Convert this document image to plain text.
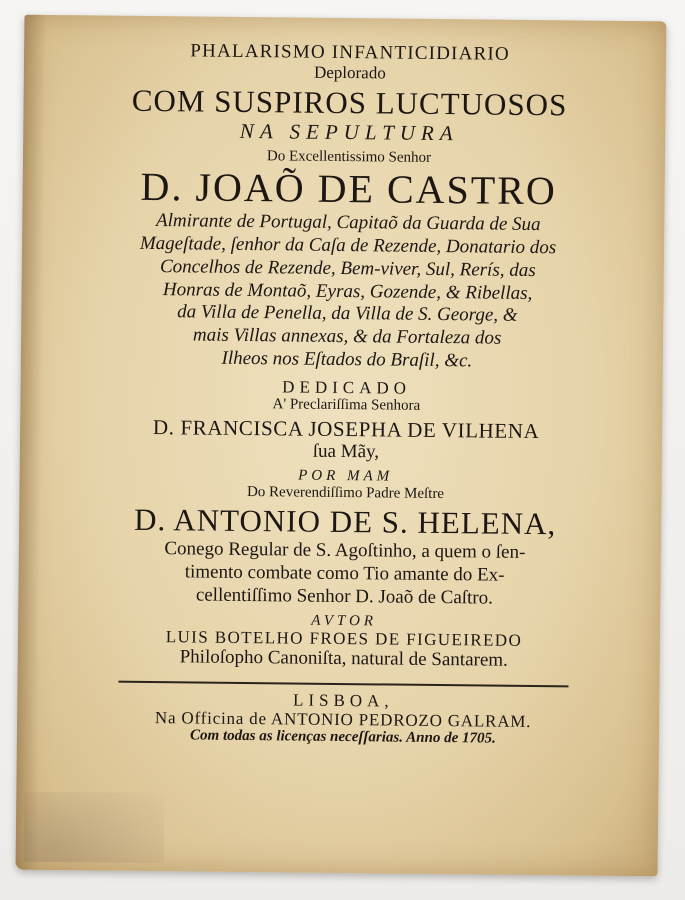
PHALARISMO INFANTICIDIARIO
Deplorado
COM SUSPIROS LUCTUOSOS
NA SEPULTURA
Do Excellentissimo Senhor
D. JOAÕ DE CASTRO
Almirante de Portugal, Capitaõ da Guarda de Sua
Mageſtade, ſenhor da Caſa de Rezende, Donatario dos
Concelhos de Rezende, Bem-viver, Sul, Rerís, das
Honras de Montaõ, Eyras, Gozende, & Ribellas,
da Villa de Penella, da Villa de S. George, &
mais Villas annexas, & da Fortaleza dos
Ilheos nos Eſtados do Braſil, &c.
DEDICADO
A' Preclariſſima Senhora
D. FRANCISCA JOSEPHA DE VILHENA
ſua Mãy,
POR MAM
Do Reverendiſſimo Padre Meſtre
D. ANTONIO DE S. HELENA,
Conego Regular de S. Agoſtinho, a quem o ſen-
timento combate como Tio amante do Ex-
cellentiſſimo Senhor D. Joaõ de Caſtro.
AVTOR
LUIS BOTELHO FROES DE FIGUEIREDO
Philoſopho Canoniſta, natural de Santarem.
LISBOA,
Na Officina de ANTONIO PEDROZO GALRAM.
Com todas as licenças neceſſarias. Anno de 1705.
